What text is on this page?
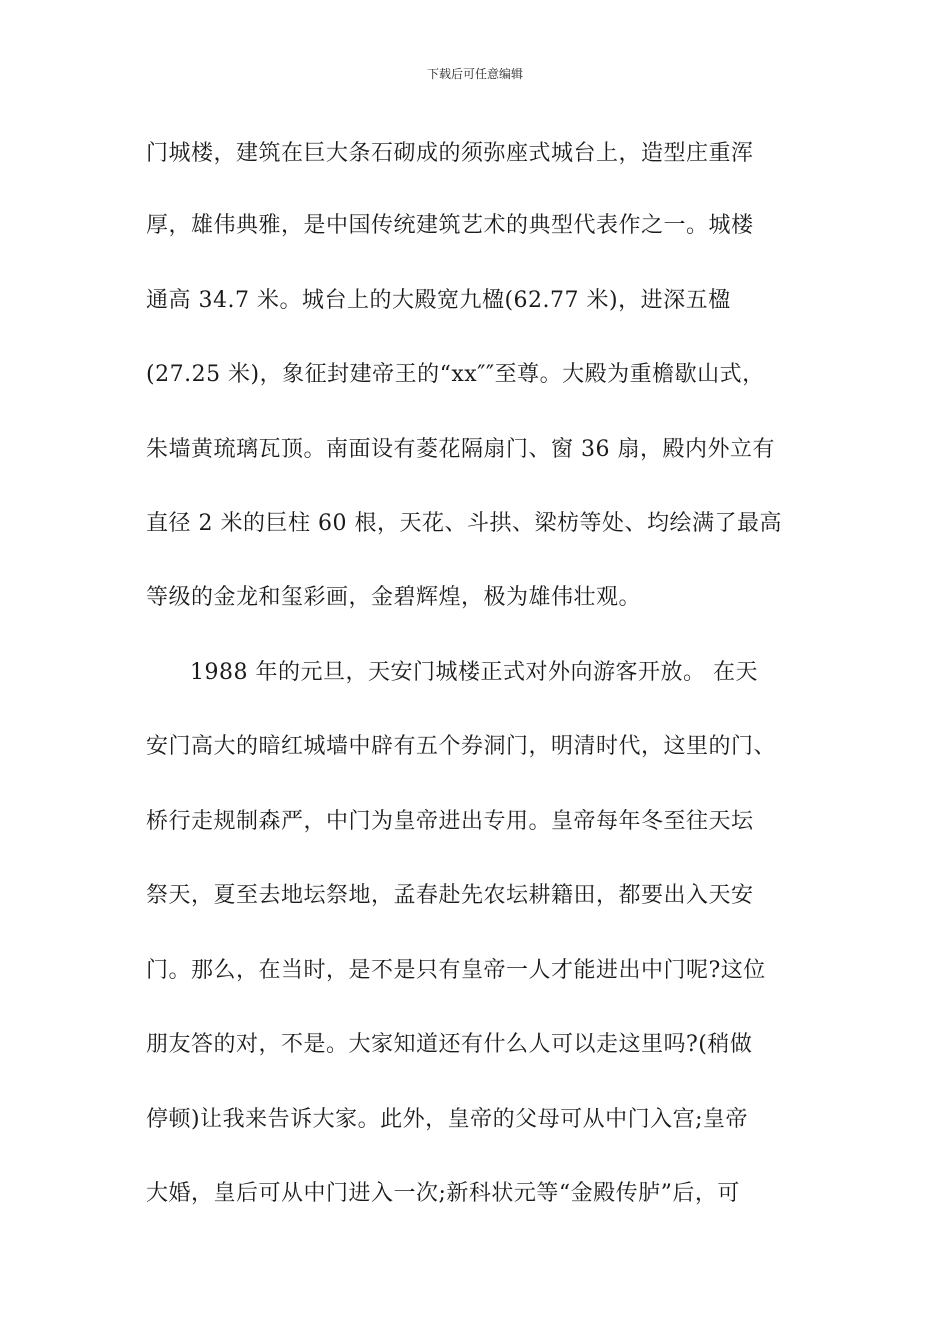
下载后可任意编辑
门城楼，建筑在巨大条石砌成的须弥座式城台上，造型庄重浑
厚，雄伟典雅，是中国传统建筑艺术的典型代表作之一。城楼
通高 34.7 米。城台上的大殿宽九楹(62.77 米)，进深五楹
(27.25 米)，象征封建帝王的“xx″″至尊。大殿为重檐歇山式，
朱墙黄琉璃瓦顶。南面设有菱花隔扇门、窗 36 扇，殿内外立有
直径 2 米的巨柱 60 根，天花、斗拱、梁枋等处、均绘满了最高
等级的金龙和玺彩画，金碧辉煌，极为雄伟壮观。
1988 年的元旦，天安门城楼正式对外向游客开放。 在天
安门高大的暗红城墙中辟有五个券洞门，明清时代，这里的门、
桥行走规制森严，中门为皇帝进出专用。皇帝每年冬至往天坛
祭天，夏至去地坛祭地，孟春赴先农坛耕籍田，都要出入天安
门。那么，在当时，是不是只有皇帝一人才能进出中门呢?这位
朋友答的对，不是。大家知道还有什么人可以走这里吗?(稍做
停顿)让我来告诉大家。此外，皇帝的父母可从中门入宫;皇帝
大婚，皇后可从中门进入一次;新科状元等“金殿传胪”后，可
